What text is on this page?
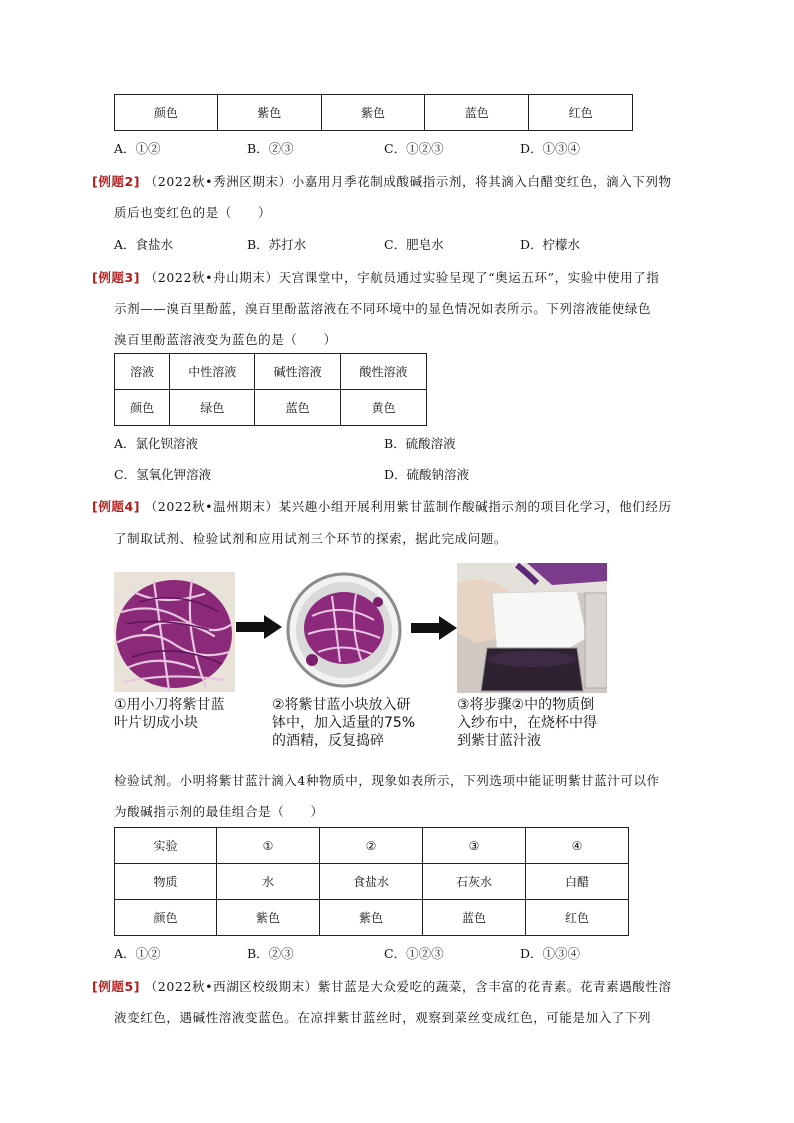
颜色	紫色	紫色	蓝色	红色
A．①②	B．②③	C．①②③	D．①③④
[例题2] （2022秋•秀洲区期末）小嘉用月季花制成酸碱指示剂，将其滴入白醋变红色，滴入下列物
质后也变红色的是（　　）
A．食盐水	B．苏打水	C．肥皂水	D．柠檬水
[例题3] （2022秋•舟山期末）天宫课堂中，宇航员通过实验呈现了“奥运五环”，实验中使用了指
示剂——溴百里酚蓝，溴百里酚蓝溶液在不同环境中的显色情况如表所示。下列溶液能使绿色
溴百里酚蓝溶液变为蓝色的是（　　）
溶液	中性溶液	碱性溶液	酸性溶液
颜色	绿色	蓝色	黄色
A．氯化钡溶液	B．硫酸溶液
C．氢氧化钾溶液	D．硫酸钠溶液
[例题4] （2022秋•温州期末）某兴趣小组开展利用紫甘蓝制作酸碱指示剂的项目化学习，他们经历
了制取试剂、检验试剂和应用试剂三个环节的探索，据此完成问题。
①用小刀将紫甘蓝
叶片切成小块
②将紫甘蓝小块放入研
钵中，加入适量的75%
的酒精，反复捣碎
③将步骤②中的物质倒
入纱布中，在烧杯中得
到紫甘蓝汁液
检验试剂。小明将紫甘蓝汁滴入4种物质中，现象如表所示，下列选项中能证明紫甘蓝汁可以作
为酸碱指示剂的最佳组合是（　　）
实验	①	②	③	④
物质	水	食盐水	石灰水	白醋
颜色	紫色	紫色	蓝色	红色
A．①②	B．②③	C．①②③	D．①③④
[例题5] （2022秋•西湖区校级期末）紫甘蓝是大众爱吃的蔬菜，含丰富的花青素。花青素遇酸性溶
液变红色，遇碱性溶液变蓝色。在凉拌紫甘蓝丝时，观察到菜丝变成红色，可能是加入了下列
